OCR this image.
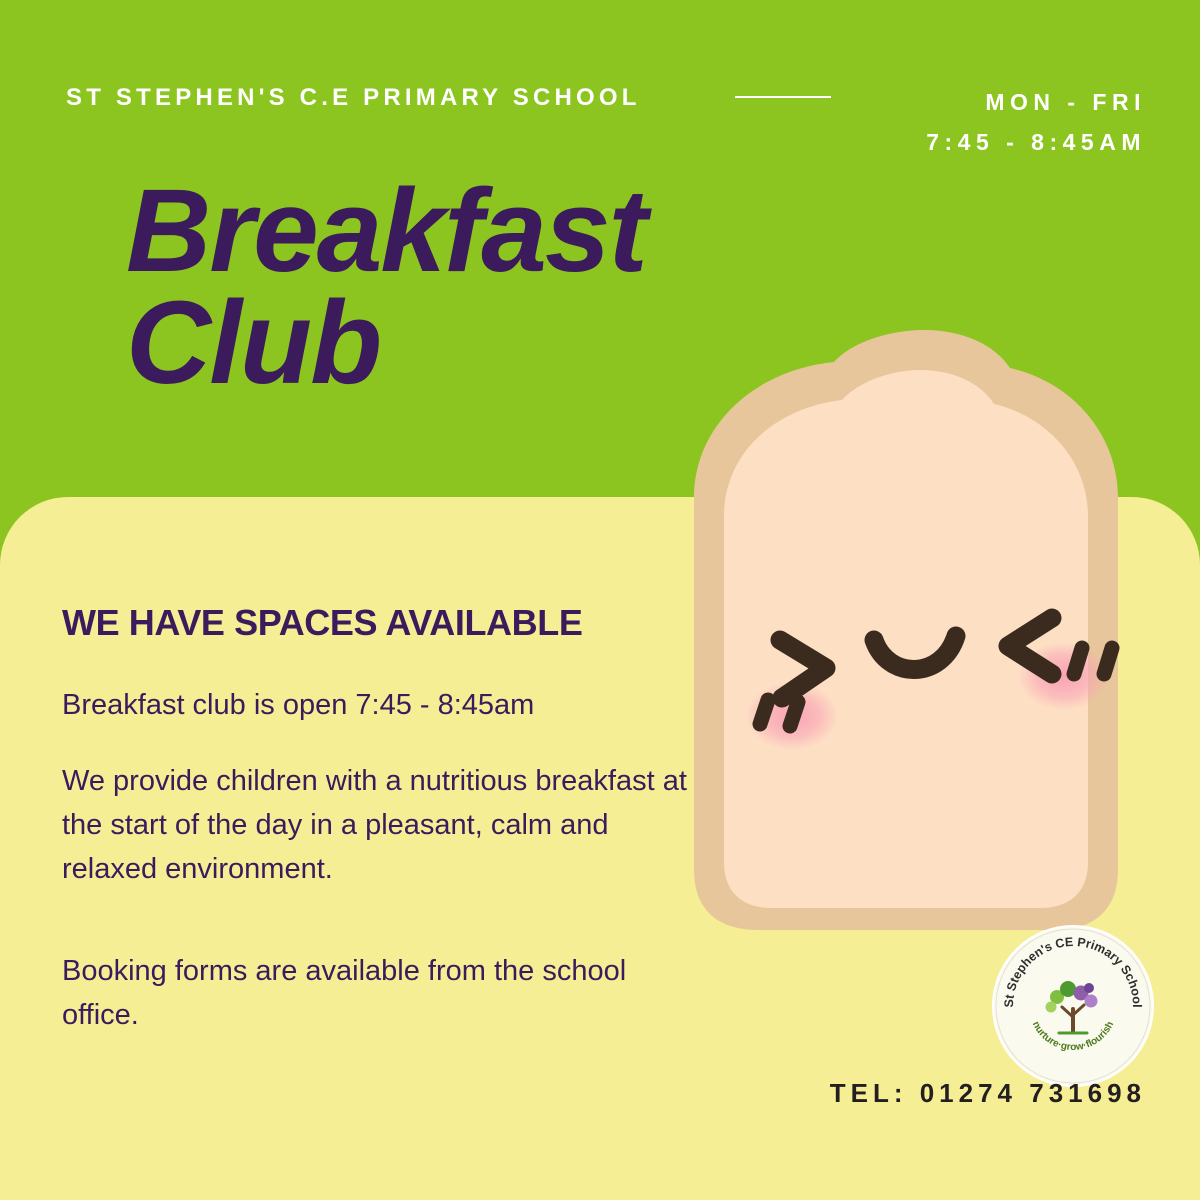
ST STEPHEN'S C.E PRIMARY SCHOOL	MON - FRI
7:45 - 8:45AM
Breakfast
Club
WE HAVE SPACES AVAILABLE

Breakfast club is open 7:45 - 8:45am

We provide children with a nutritious breakfast at the start of the day in a pleasant, calm and relaxed environment.

Booking forms are available from the school office.	St Stephen's CE Primary School
nurture·grow·flourish
TEL: 01274 731698
